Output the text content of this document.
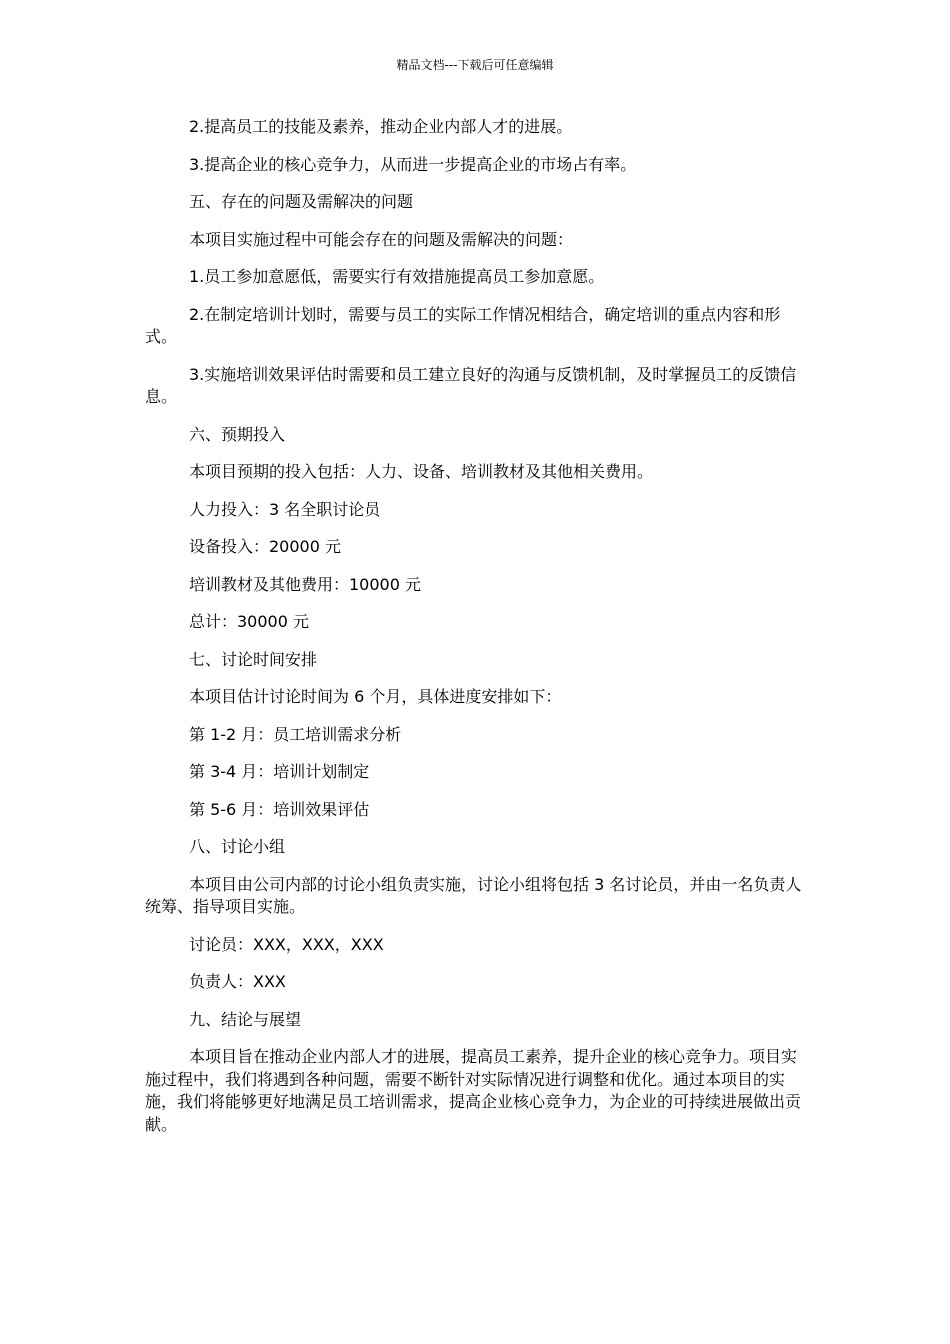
精品文档---下载后可任意编辑

2.提高员工的技能及素养，推动企业内部人才的进展。

3.提高企业的核心竞争力，从而进一步提高企业的市场占有率。

五、存在的问题及需解决的问题

本项目实施过程中可能会存在的问题及需解决的问题：

1.员工参加意愿低，需要实行有效措施提高员工参加意愿。

2.在制定培训计划时，需要与员工的实际工作情况相结合，确定培训的重点内容和形式。

3.实施培训效果评估时需要和员工建立良好的沟通与反馈机制，及时掌握员工的反馈信息。

六、预期投入

本项目预期的投入包括：人力、设备、培训教材及其他相关费用。

人力投入：3 名全职讨论员

设备投入：20000 元

培训教材及其他费用：10000 元

总计：30000 元

七、讨论时间安排

本项目估计讨论时间为 6 个月，具体进度安排如下：

第 1-2 月：员工培训需求分析

第 3-4 月：培训计划制定

第 5-6 月：培训效果评估

八、讨论小组

本项目由公司内部的讨论小组负责实施，讨论小组将包括 3 名讨论员，并由一名负责人统筹、指导项目实施。

讨论员：XXX，XXX，XXX

负责人：XXX

九、结论与展望

本项目旨在推动企业内部人才的进展，提高员工素养，提升企业的核心竞争力。项目实施过程中，我们将遇到各种问题，需要不断针对实际情况进行调整和优化。通过本项目的实施，我们将能够更好地满足员工培训需求，提高企业核心竞争力，为企业的可持续进展做出贡献。
